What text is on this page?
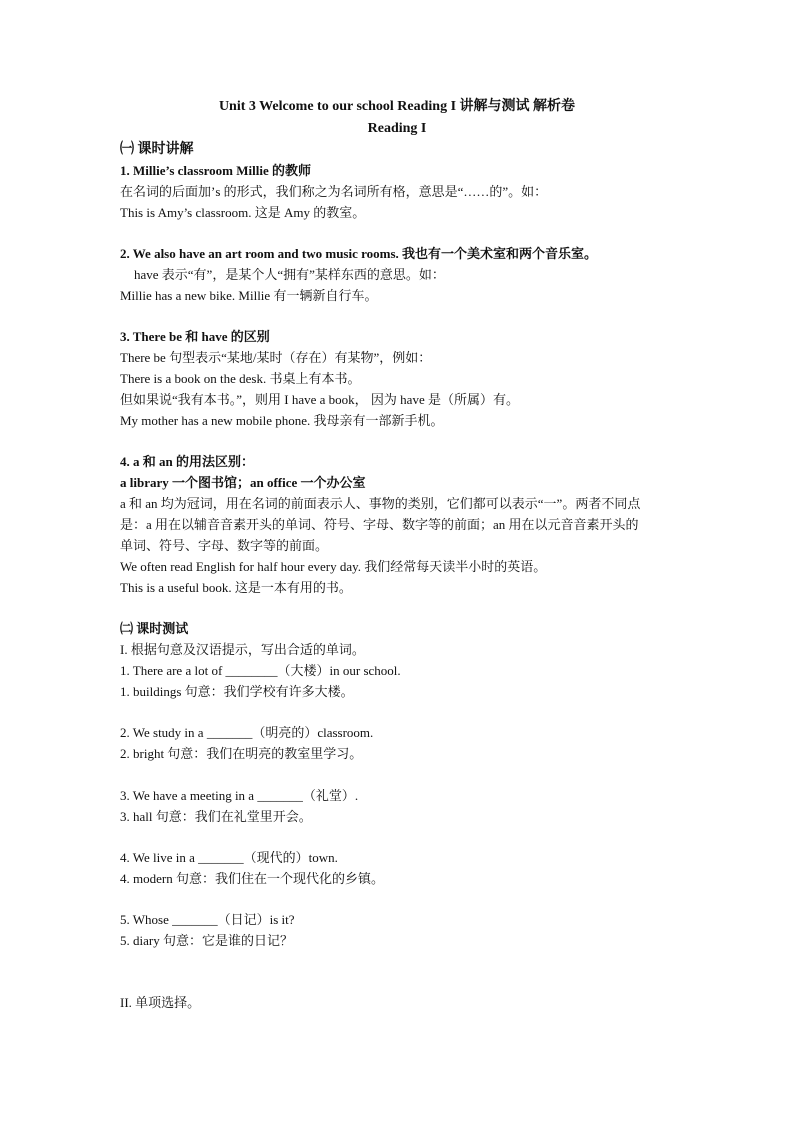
Unit 3 Welcome to our school Reading I 讲解与测试 解析卷
Reading I
㈠ 课时讲解
1. Millie’s classroom Millie 的教师
在名词的后面加’s 的形式，我们称之为名词所有格，意思是“……的”。如：
This is Amy’s classroom. 这是 Amy 的教室。
2. We also have an art room and two music rooms. 我也有一个美术室和两个音乐室。
have 表示“有”，是某个人“拥有”某样东西的意思。如：
Millie has a new bike. Millie 有一辆新自行车。
3. There be 和 have 的区别
There be 句型表示“某地/某时（存在）有某物”，例如：
There is a book on the desk. 书桌上有本书。
但如果说“我有本书。”，则用 I have a book， 因为 have 是（所属）有。
My mother has a new mobile phone. 我母亲有一部新手机。
4. a 和 an 的用法区别：
a library 一个图书馆；an office 一个办公室
a 和 an 均为冠词，用在名词的前面表示人、事物的类别，它们都可以表示“一”。两者不同点
是：a 用在以辅音音素开头的单词、符号、字母、数字等的前面；an 用在以元音音素开头的
单词、符号、字母、数字等的前面。
We often read English for half hour every day. 我们经常每天读半小时的英语。
This is a useful book. 这是一本有用的书。
㈡ 课时测试
I. 根据句意及汉语提示，写出合适的单词。
1. There are a lot of ________（大楼）in our school.
1. buildings 句意：我们学校有许多大楼。
2. We study in a _______（明亮的）classroom.
2. bright 句意：我们在明亮的教室里学习。
3. We have a meeting in a _______（礼堂）.
3. hall 句意：我们在礼堂里开会。
4. We live in a _______（现代的）town.
4. modern 句意：我们住在一个现代化的乡镇。
5. Whose _______（日记）is it?
5. diary 句意：它是谁的日记？
II. 单项选择。
